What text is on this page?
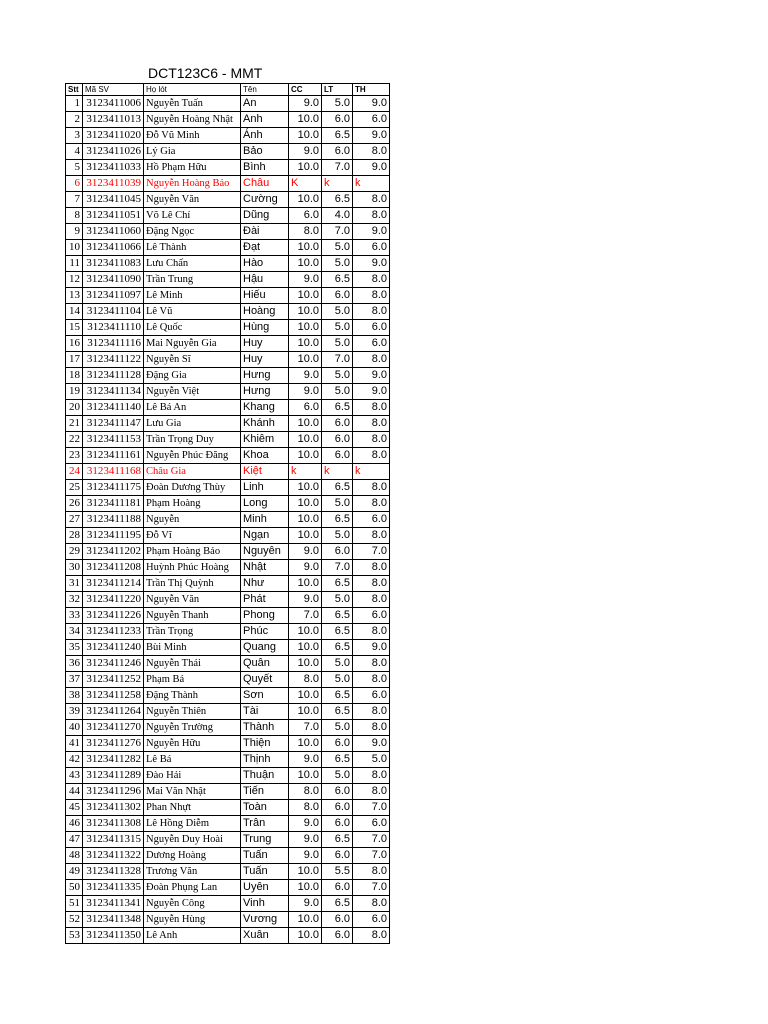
DCT123C6 - MMT
Stt	Mã SV	Họ lót	Tên	CC	LT	TH
1	3123411006	Nguyễn Tuấn	An	9.0	5.0	9.0
2	3123411013	Nguyễn Hoàng Nhật	Anh	10.0	6.0	6.0
3	3123411020	Đỗ Vũ Minh	Ánh	10.0	6.5	9.0
4	3123411026	Lý Gia	Bảo	9.0	6.0	8.0
5	3123411033	Hồ Phạm Hữu	Bình	10.0	7.0	9.0
6	3123411039	Nguyễn Hoàng Bảo	Châu	K	k	k
7	3123411045	Nguyễn Văn	Cường	10.0	6.5	8.0
8	3123411051	Võ Lê Chí	Dũng	6.0	4.0	8.0
9	3123411060	Đặng Ngọc	Đài	8.0	7.0	9.0
10	3123411066	Lê Thành	Đạt	10.0	5.0	6.0
11	3123411083	Lưu Chấn	Hào	10.0	5.0	9.0
12	3123411090	Trần Trung	Hậu	9.0	6.5	8.0
13	3123411097	Lê Minh	Hiếu	10.0	6.0	8.0
14	3123411104	Lê Vũ	Hoàng	10.0	5.0	8.0
15	3123411110	Lê Quốc	Hùng	10.0	5.0	6.0
16	3123411116	Mai Nguyễn Gia	Huy	10.0	5.0	6.0
17	3123411122	Nguyễn Sĩ	Huy	10.0	7.0	8.0
18	3123411128	Đặng Gia	Hưng	9.0	5.0	9.0
19	3123411134	Nguyễn Việt	Hưng	9.0	5.0	9.0
20	3123411140	Lê Bá An	Khang	6.0	6.5	8.0
21	3123411147	Lưu Gia	Khánh	10.0	6.0	8.0
22	3123411153	Trần Trọng Duy	Khiêm	10.0	6.0	8.0
23	3123411161	Nguyễn Phúc Đăng	Khoa	10.0	6.0	8.0
24	3123411168	Châu Gia	Kiệt	k	k	k
25	3123411175	Đoàn Dương Thùy	Linh	10.0	6.5	8.0
26	3123411181	Phạm Hoàng	Long	10.0	5.0	8.0
27	3123411188	Nguyễn	Minh	10.0	6.5	6.0
28	3123411195	Đỗ Vĩ	Ngạn	10.0	5.0	8.0
29	3123411202	Phạm Hoàng Bảo	Nguyên	9.0	6.0	7.0
30	3123411208	Huỳnh Phúc Hoàng	Nhật	9.0	7.0	8.0
31	3123411214	Trần Thị Quỳnh	Như	10.0	6.5	8.0
32	3123411220	Nguyễn Văn	Phát	9.0	5.0	8.0
33	3123411226	Nguyễn Thanh	Phong	7.0	6.5	6.0
34	3123411233	Trần Trọng	Phúc	10.0	6.5	8.0
35	3123411240	Bùi Minh	Quang	10.0	6.5	9.0
36	3123411246	Nguyễn Thái	Quân	10.0	5.0	8.0
37	3123411252	Phạm Bá	Quyết	8.0	5.0	8.0
38	3123411258	Đặng Thành	Sơn	10.0	6.5	6.0
39	3123411264	Nguyễn Thiên	Tài	10.0	6.5	8.0
40	3123411270	Nguyễn Trường	Thành	7.0	5.0	8.0
41	3123411276	Nguyễn Hữu	Thiện	10.0	6.0	9.0
42	3123411282	Lê Bá	Thịnh	9.0	6.5	5.0
43	3123411289	Đào Hải	Thuận	10.0	5.0	8.0
44	3123411296	Mai Văn Nhật	Tiến	8.0	6.0	8.0
45	3123411302	Phan Nhựt	Toàn	8.0	6.0	7.0
46	3123411308	Lê Hồng Diễm	Trân	9.0	6.0	6.0
47	3123411315	Nguyễn Duy Hoài	Trung	9.0	6.5	7.0
48	3123411322	Dương Hoàng	Tuấn	9.0	6.0	7.0
49	3123411328	Trương Văn	Tuấn	10.0	5.5	8.0
50	3123411335	Đoàn Phụng Lan	Uyên	10.0	6.0	7.0
51	3123411341	Nguyễn Công	Vinh	9.0	6.5	8.0
52	3123411348	Nguyễn Hùng	Vương	10.0	6.0	6.0
53	3123411350	Lê Anh	Xuân	10.0	6.0	8.0
